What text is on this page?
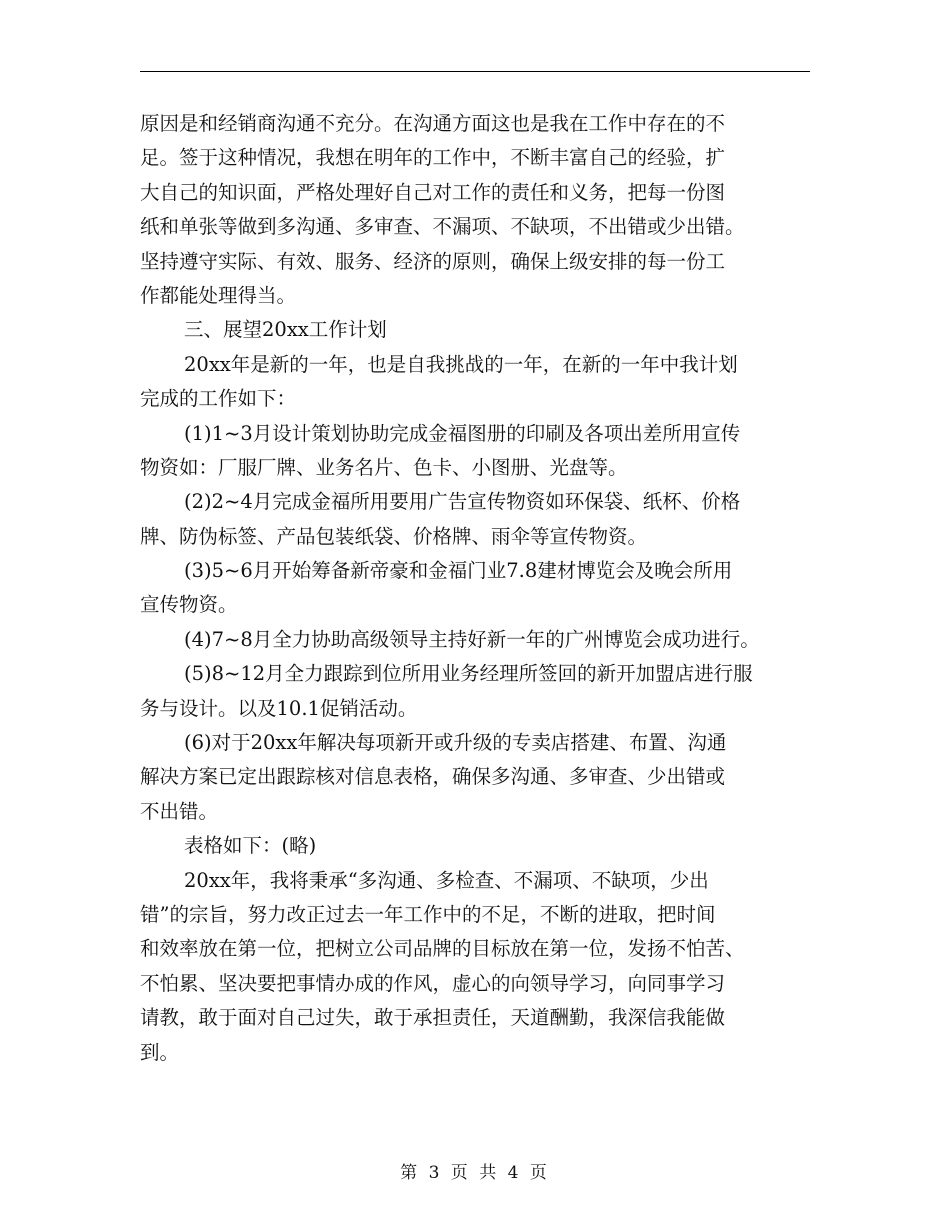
原因是和经销商沟通不充分。在沟通方面这也是我在工作中存在的不
足。签于这种情况，我想在明年的工作中，不断丰富自己的经验，扩
大自己的知识面，严格处理好自己对工作的责任和义务，把每一份图
纸和单张等做到多沟通、多审查、不漏项、不缺项，不出错或少出错。
坚持遵守实际、有效、服务、经济的原则，确保上级安排的每一份工
作都能处理得当。
三、展望20xx工作计划
20xx年是新的一年，也是自我挑战的一年，在新的一年中我计划
完成的工作如下：
(1)1~3月设计策划协助完成金福图册的印刷及各项出差所用宣传
物资如：厂服厂牌、业务名片、色卡、小图册、光盘等。
(2)2~4月完成金福所用要用广告宣传物资如环保袋、纸杯、价格
牌、防伪标签、产品包装纸袋、价格牌、雨伞等宣传物资。
(3)5~6月开始筹备新帝豪和金福门业7.8建材博览会及晚会所用
宣传物资。
(4)7~8月全力协助高级领导主持好新一年的广州博览会成功进行。
(5)8~12月全力跟踪到位所用业务经理所签回的新开加盟店进行服
务与设计。以及10.1促销活动。
(6)对于20xx年解决每项新开或升级的专卖店搭建、布置、沟通
解决方案已定出跟踪核对信息表格，确保多沟通、多审查、少出错或
不出错。
表格如下：(略)
20xx年，我将秉承“多沟通、多检查、不漏项、不缺项，少出
错”的宗旨，努力改正过去一年工作中的不足，不断的进取，把时间
和效率放在第一位，把树立公司品牌的目标放在第一位，发扬不怕苦、
不怕累、坚决要把事情办成的作风，虚心的向领导学习，向同事学习
请教，敢于面对自己过失，敢于承担责任，天道酬勤，我深信我能做
到。
第 3 页 共 4 页
